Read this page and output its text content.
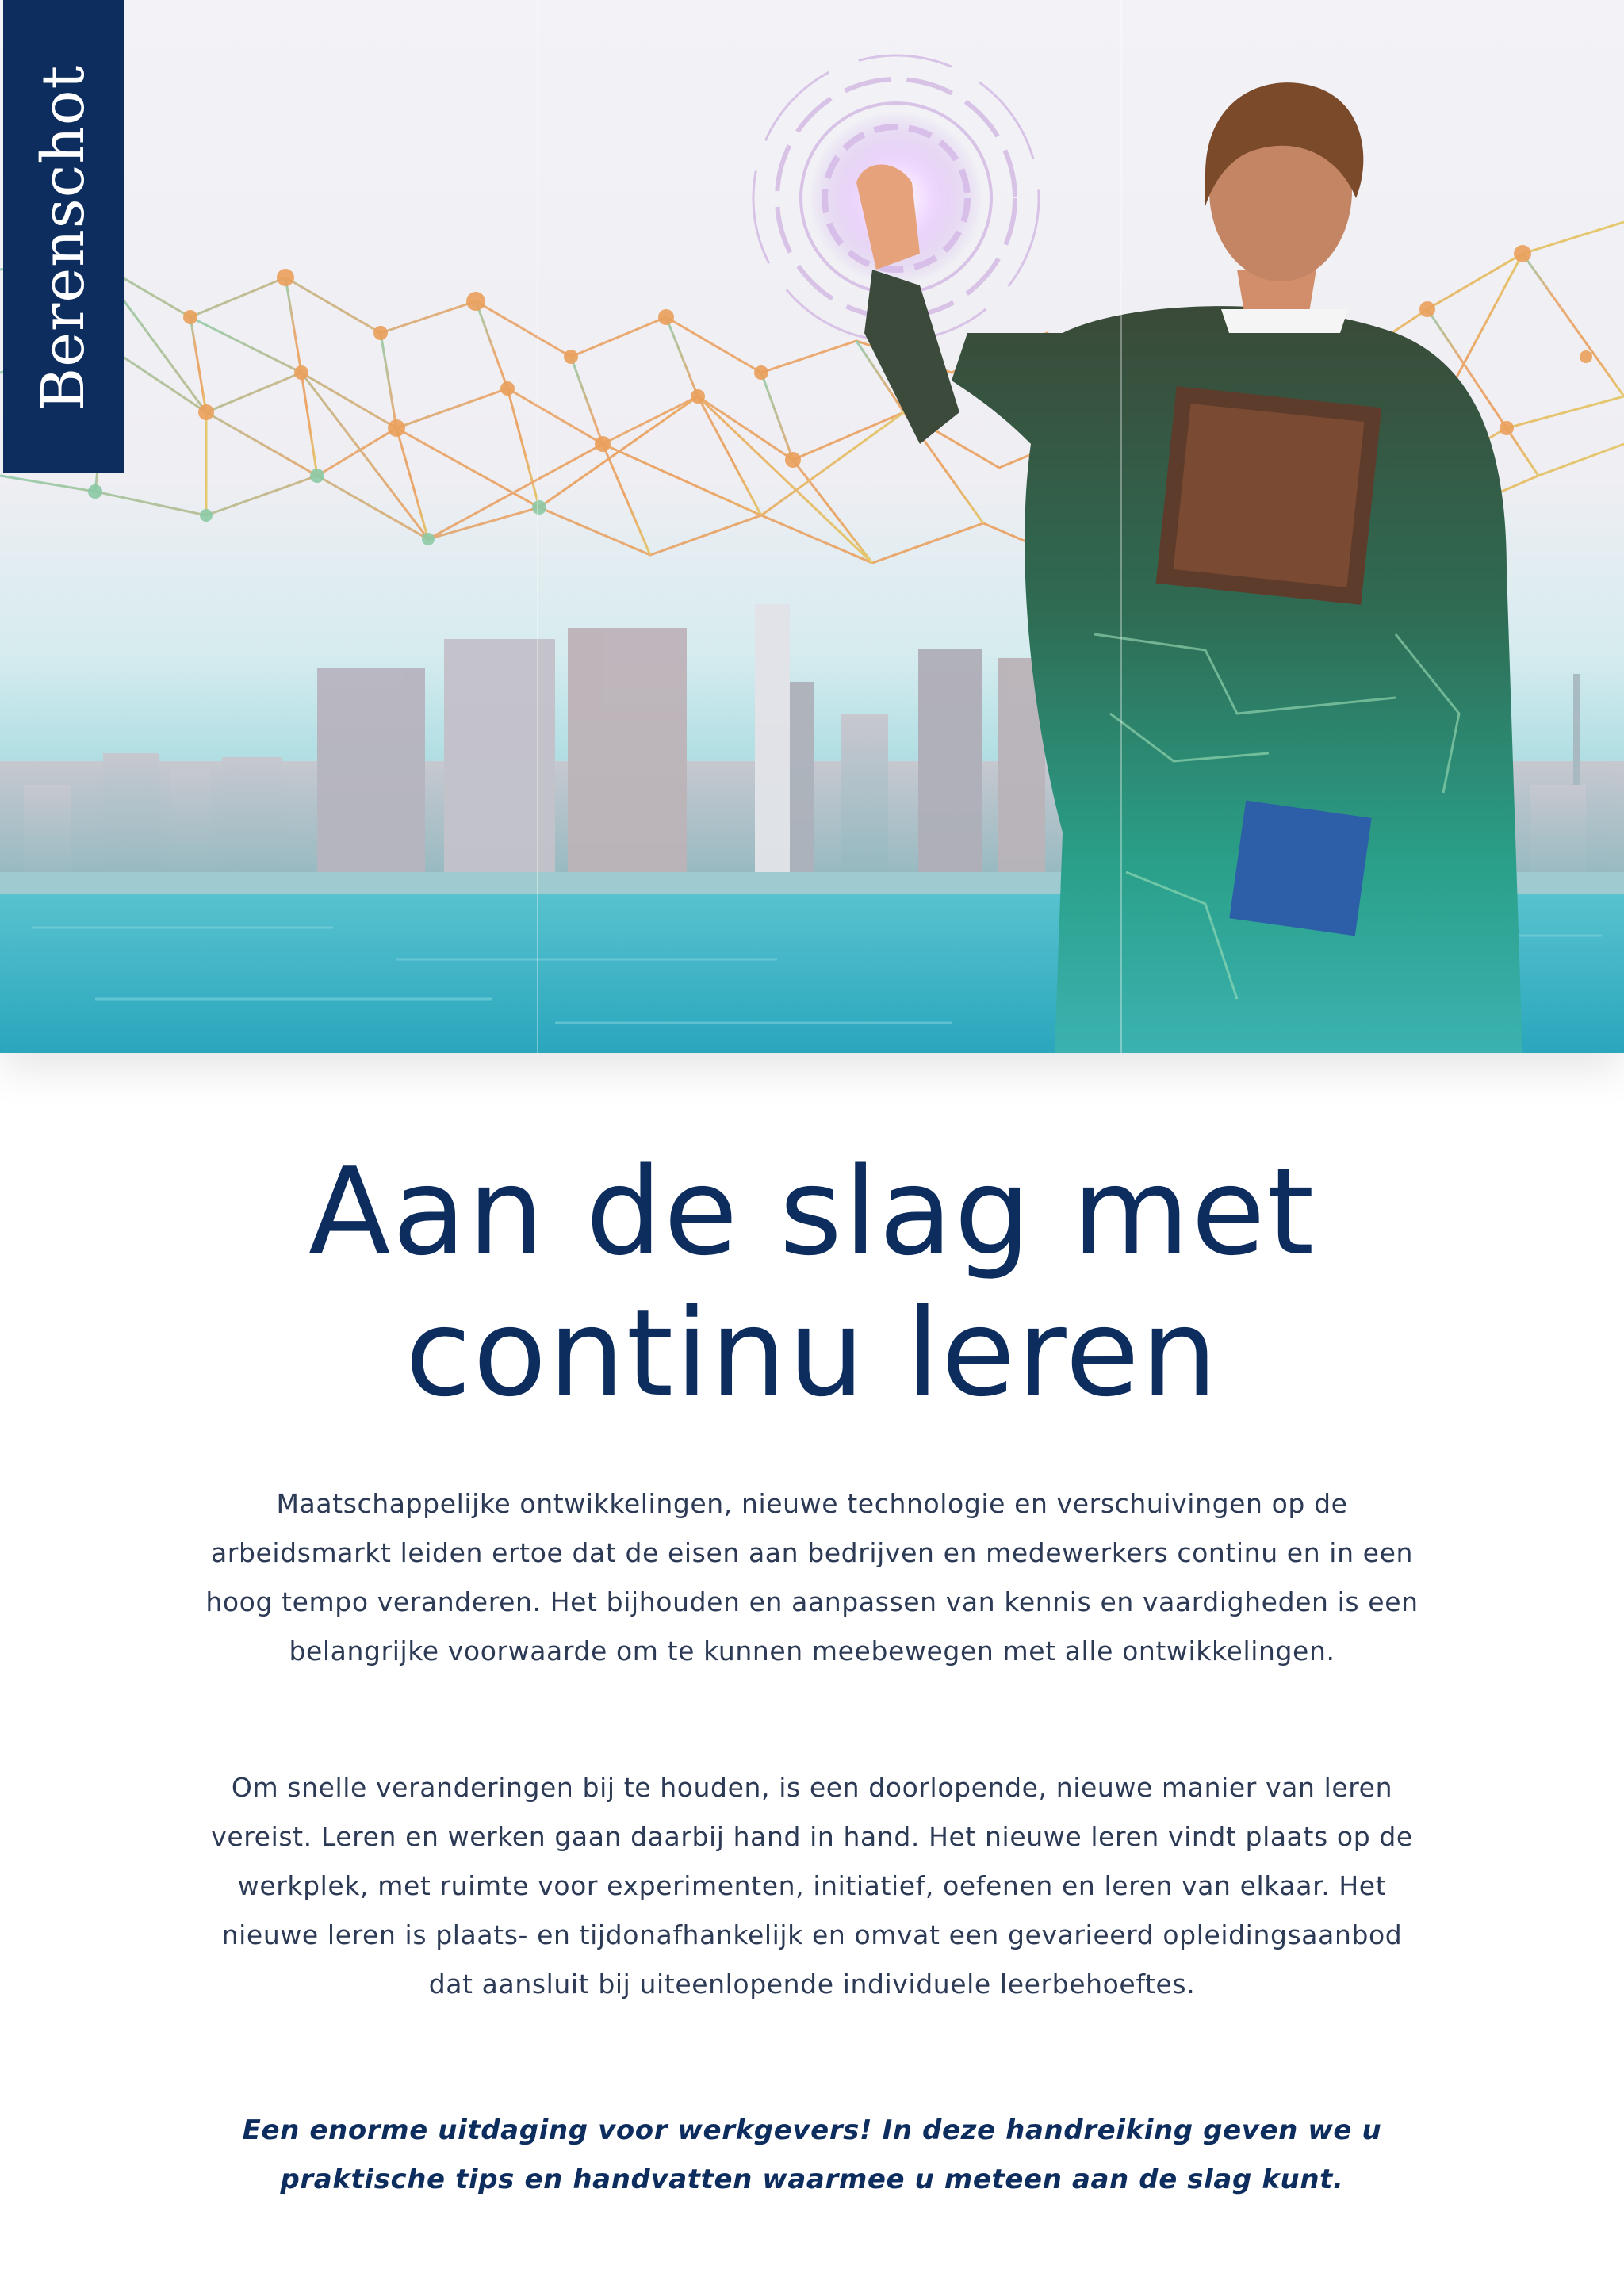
Berenschot
Aan de slag met
continu leren

Maatschappelijke ontwikkelingen, nieuwe technologie en verschuivingen op de arbeidsmarkt leiden ertoe dat de eisen aan bedrijven en medewerkers continu en in een hoog tempo veranderen. Het bijhouden en aanpassen van kennis en vaardigheden is een belangrijke voorwaarde om te kunnen meebewegen met alle ontwikkelingen.

Om snelle veranderingen bij te houden, is een doorlopende, nieuwe manier van leren vereist. Leren en werken gaan daarbij hand in hand. Het nieuwe leren vindt plaats op de werkplek, met ruimte voor experimenten, initiatief, oefenen en leren van elkaar. Het nieuwe leren is plaats- en tijdonafhankelijk en omvat een gevarieerd opleidingsaanbod dat aansluit bij uiteenlopende individuele leerbehoeftes.

Een enorme uitdaging voor werkgevers! In deze handreiking geven we u praktische tips en handvatten waarmee u meteen aan de slag kunt.
